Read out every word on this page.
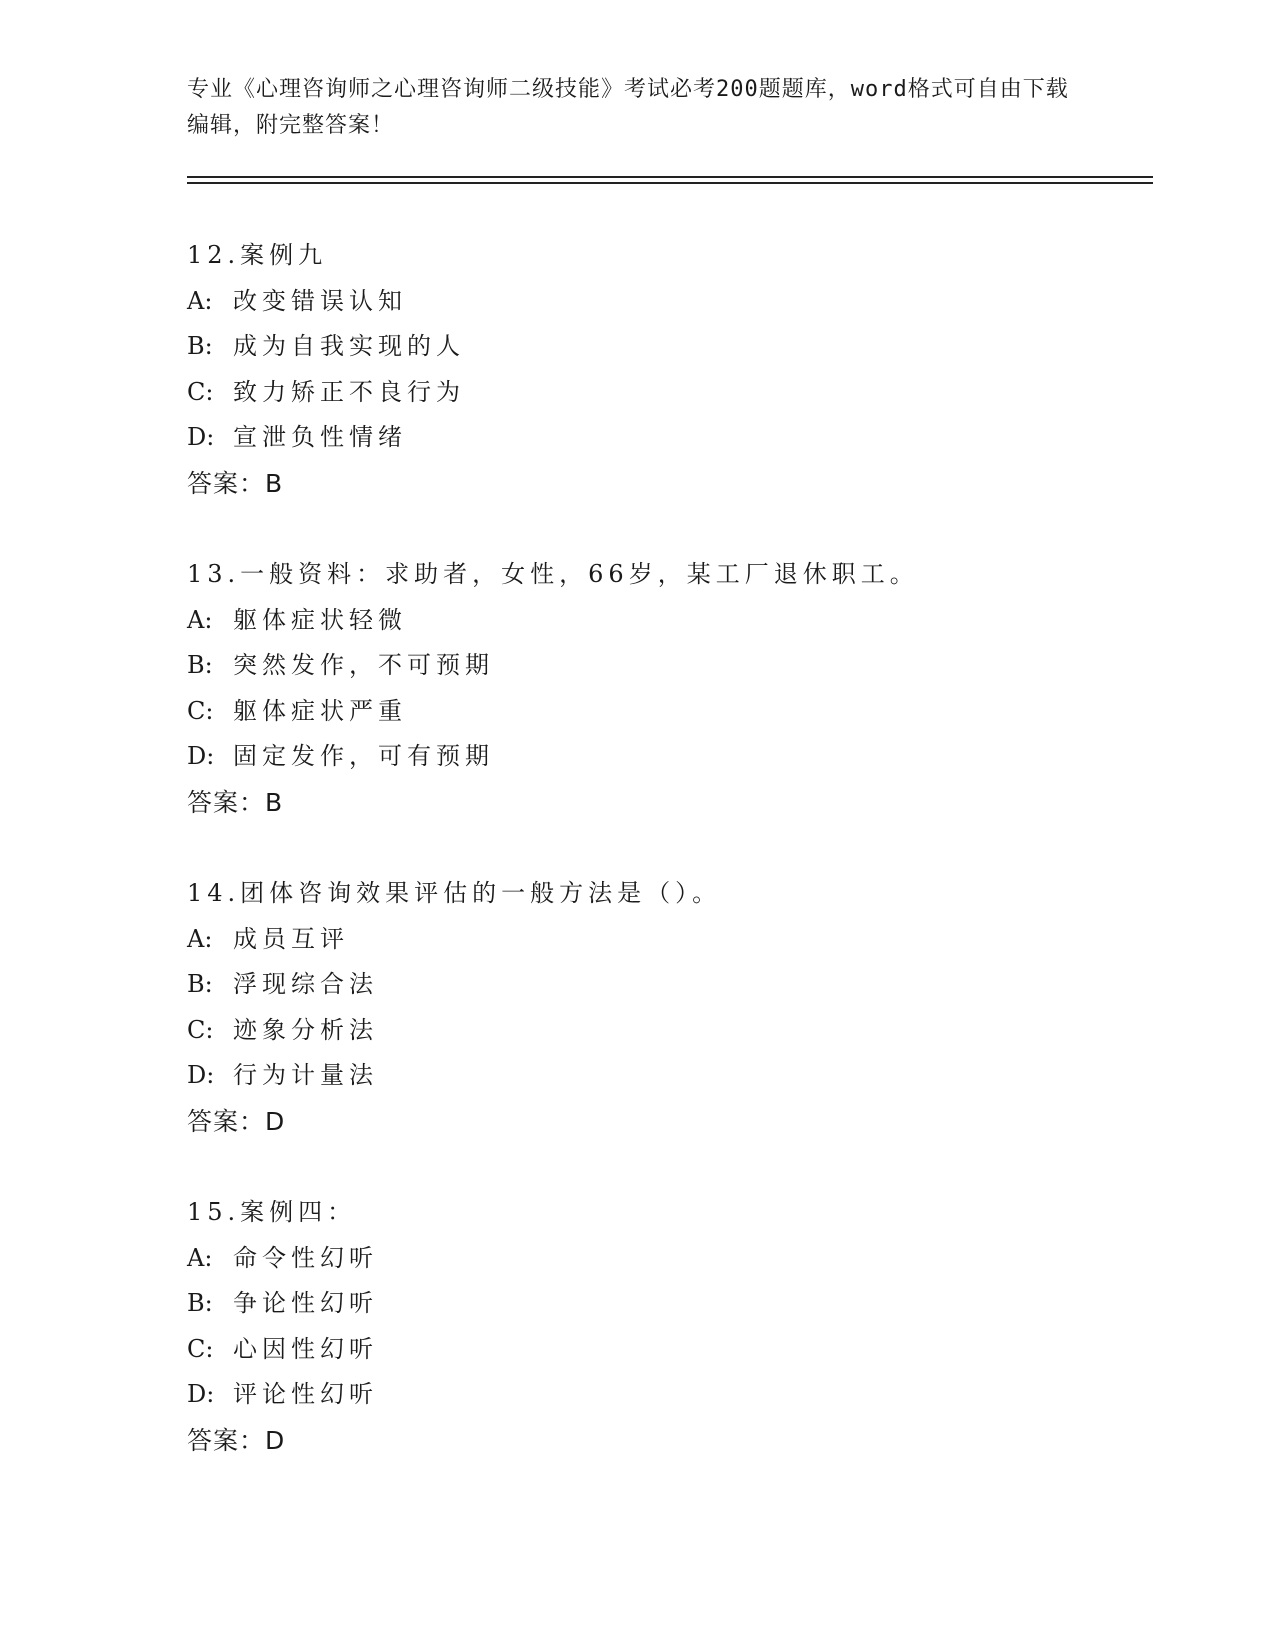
专业《心理咨询师之心理咨询师二级技能》考试必考200题题库，word格式可自由下载编辑，附完整答案！
12.案例九
A: 改变错误认知
B: 成为自我实现的人
C: 致力矫正不良行为
D: 宣泄负性情绪
答案：B
13.一般资料：求助者，女性，66岁，某工厂退休职工。
A: 躯体症状轻微
B: 突然发作，不可预期
C: 躯体症状严重
D: 固定发作，可有预期
答案：B
14.团体咨询效果评估的一般方法是（）。
A: 成员互评
B: 浮现综合法
C: 迹象分析法
D: 行为计量法
答案：D
15.案例四：
A: 命令性幻听
B: 争论性幻听
C: 心因性幻听
D: 评论性幻听
答案：D
